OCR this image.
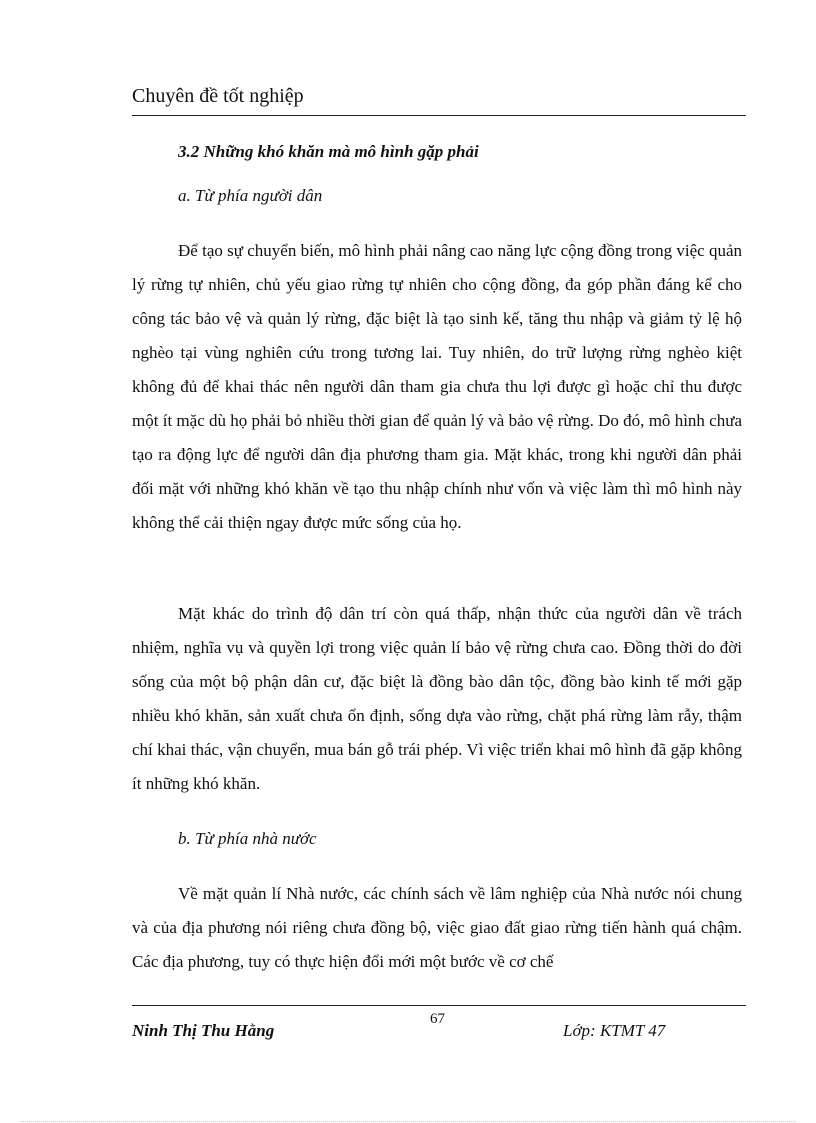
Chuyên đề tốt nghiệp
3.2 Những khó khăn mà mô hình gặp phải
a. Từ phía người dân

Để tạo sự chuyển biến, mô hình phải nâng cao năng lực cộng đồng trong việc quản lý rừng tự nhiên, chủ yếu giao rừng tự nhiên cho cộng đồng, đa góp phần đáng kể cho công tác bảo vệ và quản lý rừng, đặc biệt là tạo sinh kế, tăng thu nhập và giảm tỷ lệ hộ nghèo tại vùng nghiên cứu trong tương lai. Tuy nhiên, do trữ lượng rừng nghèo kiệt không đủ để khai thác nên người dân tham gia chưa thu lợi được gì hoặc chỉ thu được một ít mặc dù họ phải bỏ nhiều thời gian để quản lý và bảo vệ rừng. Do đó, mô hình chưa tạo ra động lực để người dân địa phương tham gia. Mặt khác, trong khi người dân phải đối mặt với những khó khăn về tạo thu nhập chính như vốn và việc làm thì mô hình này không thể cải thiện ngay được mức sống của họ.

Mặt khác do trình độ dân trí còn quá thấp, nhận thức của người dân về trách nhiệm, nghĩa vụ và quyền lợi trong việc quản lí bảo vệ rừng chưa cao. Đồng thời do đời sống của một bộ phận dân cư, đặc biệt là đồng bào dân tộc, đồng bào kinh tế mới gặp nhiều khó khăn, sản xuất chưa ổn định, sống dựa vào rừng, chặt phá rừng làm rẫy, thậm chí khai thác, vận chuyển, mua bán gỗ trái phép. Vì việc triển khai mô hình đã gặp không ít những khó khăn.

b. Từ phía nhà nước

Về mặt quản lí Nhà nước, các chính sách về lâm nghiệp của Nhà nước nói chung và của địa phương nói riêng chưa đồng bộ, việc giao đất giao rừng tiến hành quá chậm. Các địa phương, tuy có thực hiện đổi mới một bước về cơ chế

67
Ninh Thị Thu Hằng	Lớp: KTMT 47
